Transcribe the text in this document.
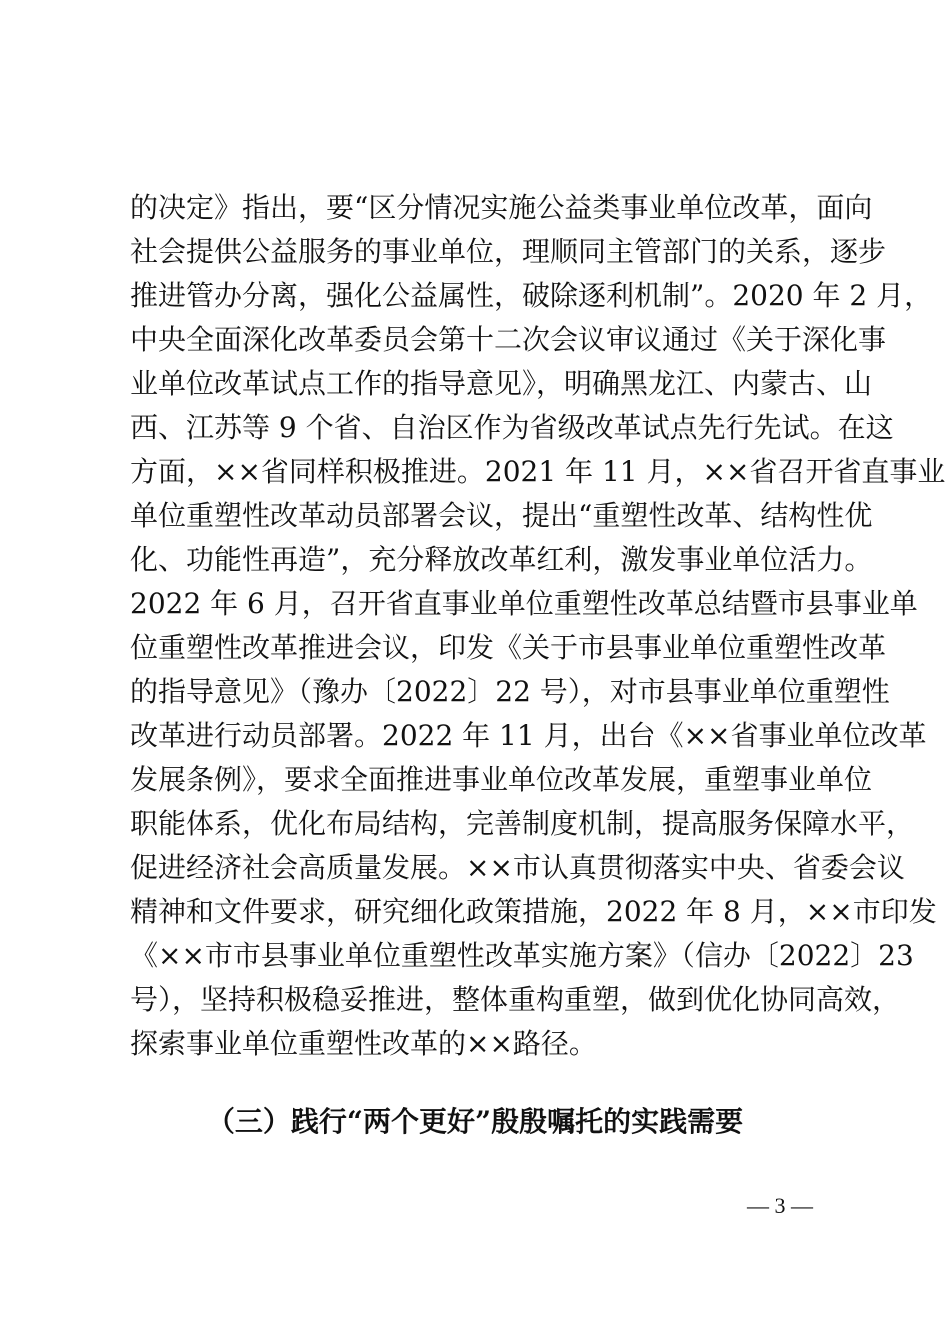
的决定》指出，要“区分情况实施公益类事业单位改革，面向
社会提供公益服务的事业单位，理顺同主管部门的关系，逐步
推进管办分离，强化公益属性，破除逐利机制”。2020 年 2 月，
中央全面深化改革委员会第十二次会议审议通过《关于深化事
业单位改革试点工作的指导意见》，明确黑龙江、内蒙古、山
西、江苏等 9 个省、自治区作为省级改革试点先行先试。在这
方面，××省同样积极推进。2021 年 11 月，××省召开省直事业
单位重塑性改革动员部署会议，提出“重塑性改革、结构性优
化、功能性再造”，充分释放改革红利，激发事业单位活力。
2022 年 6 月，召开省直事业单位重塑性改革总结暨市县事业单
位重塑性改革推进会议，印发《关于市县事业单位重塑性改革
的指导意见》（豫办〔2022〕22 号），对市县事业单位重塑性
改革进行动员部署。2022 年 11 月，出台《××省事业单位改革
发展条例》，要求全面推进事业单位改革发展，重塑事业单位
职能体系，优化布局结构，完善制度机制，提高服务保障水平，
促进经济社会高质量发展。××市认真贯彻落实中央、省委会议
精神和文件要求，研究细化政策措施，2022 年 8 月，××市印发
《××市市县事业单位重塑性改革实施方案》（信办〔2022〕23
号），坚持积极稳妥推进，整体重构重塑，做到优化协同高效，
探索事业单位重塑性改革的××路径。
（三）践行“两个更好”殷殷嘱托的实践需要
— 3 —
